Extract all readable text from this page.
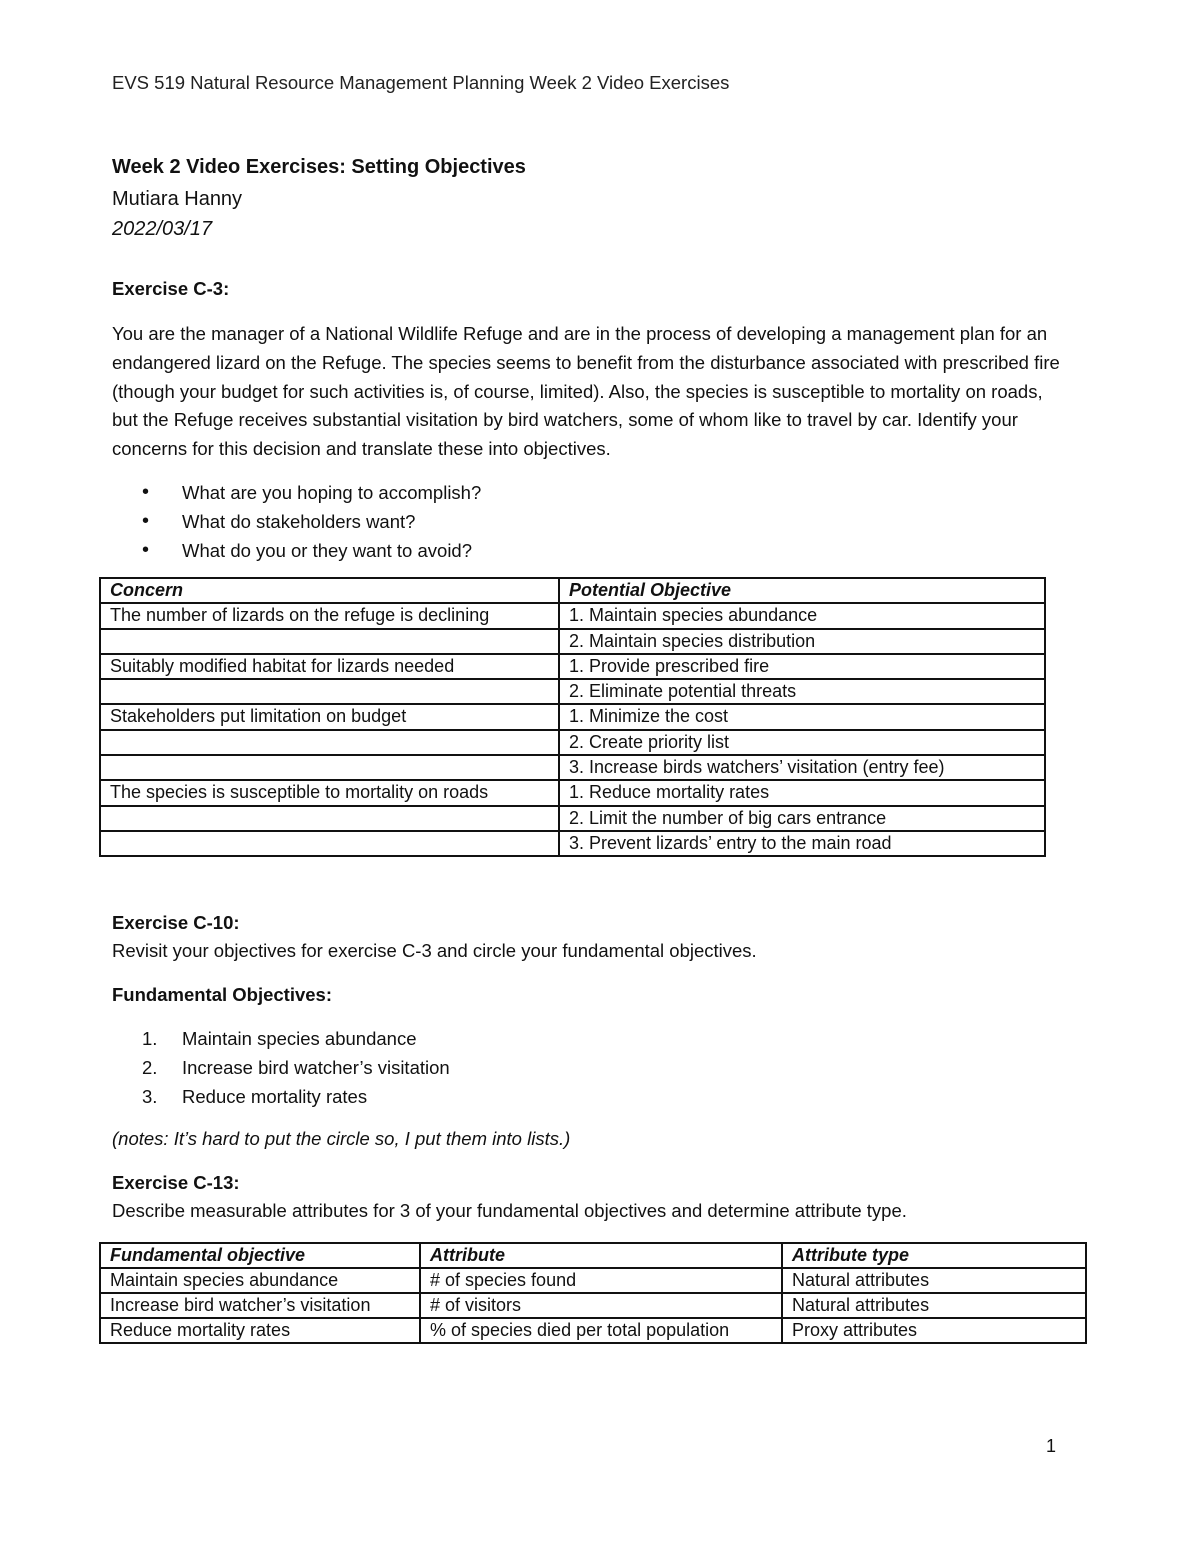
EVS 519 Natural Resource Management Planning Week 2 Video Exercises
Week 2 Video Exercises: Setting Objectives
Mutiara Hanny
2022/03/17
Exercise C-3:

You are the manager of a National Wildlife Refuge and are in the process of developing a management plan for an endangered lizard on the Refuge. The species seems to benefit from the disturbance associated with prescribed fire (though your budget for such activities is, of course, limited). Also, the species is susceptible to mortality on roads, but the Refuge receives substantial visitation by bird watchers, some of whom like to travel by car. Identify your concerns for this decision and translate these into objectives.

• What are you hoping to accomplish?
• What do stakeholders want?
• What do you or they want to avoid?
Concern	Potential Objective
The number of lizards on the refuge is declining	1. Maintain species abundance
	2. Maintain species distribution
Suitably modified habitat for lizards needed	1. Provide prescribed fire
	2. Eliminate potential threats
Stakeholders put limitation on budget	1. Minimize the cost
	2. Create priority list
	3. Increase birds watchers’ visitation (entry fee)
The species is susceptible to mortality on roads	1. Reduce mortality rates
	2. Limit the number of big cars entrance
	3. Prevent lizards’ entry to the main road
Exercise C-10:
Revisit your objectives for exercise C-3 and circle your fundamental objectives.
Fundamental Objectives:
1. Maintain species abundance
2. Increase bird watcher’s visitation
3. Reduce mortality rates
(notes: It’s hard to put the circle so, I put them into lists.)
Exercise C-13:
Describe measurable attributes for 3 of your fundamental objectives and determine attribute type.
Fundamental objective	Attribute	Attribute type
Maintain species abundance	# of species found	Natural attributes
Increase bird watcher’s visitation	# of visitors	Natural attributes
Reduce mortality rates	% of species died per total population	Proxy attributes
1
